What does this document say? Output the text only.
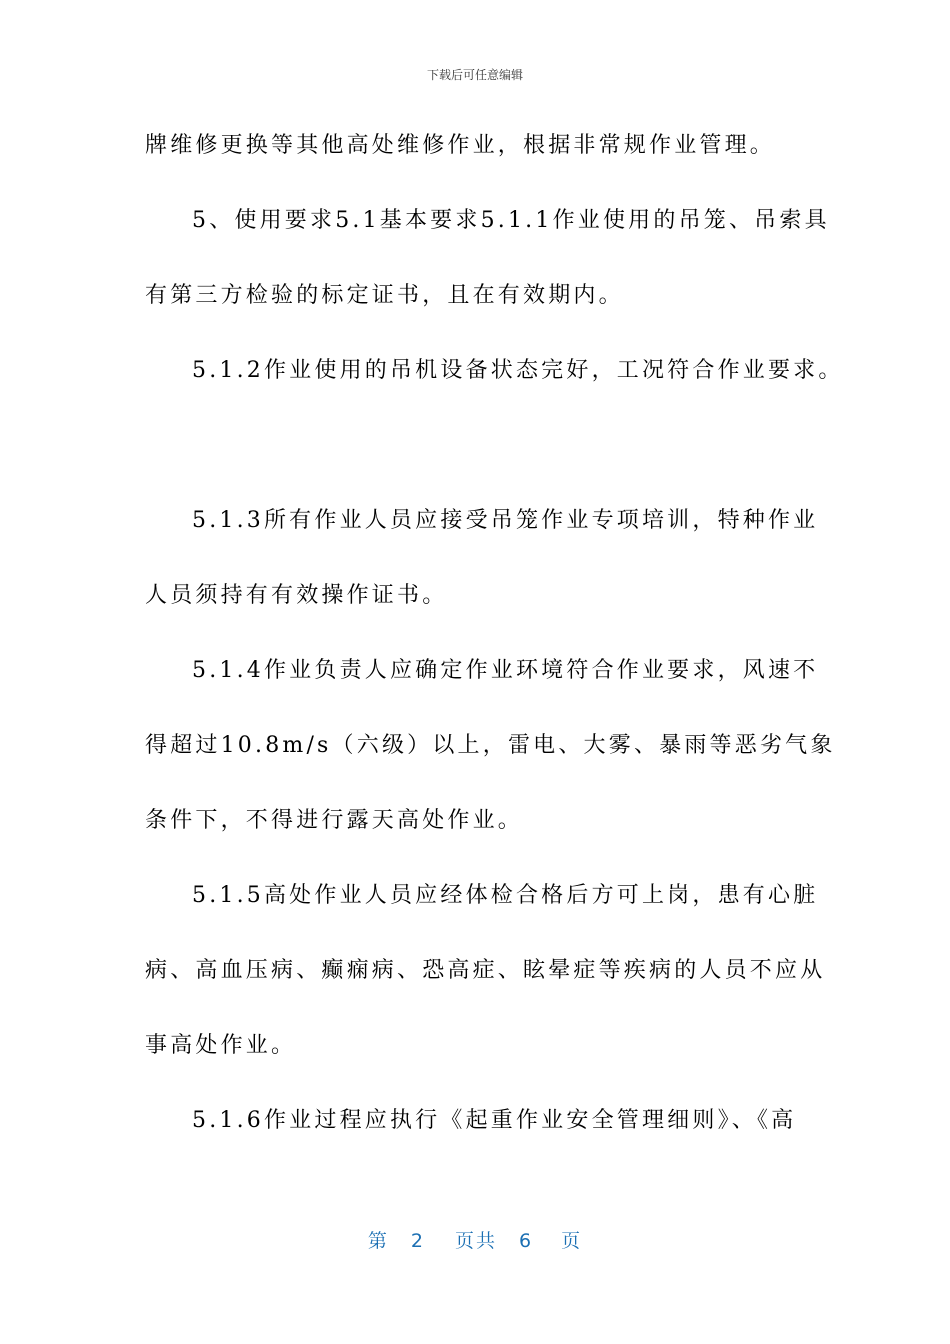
下载后可任意编辑
牌维修更换等其他高处维修作业，根据非常规作业管理。
5、使用要求5.1基本要求5.1.1作业使用的吊笼、吊索具
有第三方检验的标定证书，且在有效期内。
5.1.2作业使用的吊机设备状态完好，工况符合作业要求。
5.1.3所有作业人员应接受吊笼作业专项培训，特种作业
人员须持有有效操作证书。
5.1.4作业负责人应确定作业环境符合作业要求，风速不
得超过10.8m/s（六级）以上，雷电、大雾、暴雨等恶劣气象
条件下，不得进行露天高处作业。
5.1.5高处作业人员应经体检合格后方可上岗，患有心脏
病、高血压病、癫痫病、恐高症、眩晕症等疾病的人员不应从
事高处作业。
5.1.6作业过程应执行《起重作业安全管理细则》、《高
第 2 页共 6 页
